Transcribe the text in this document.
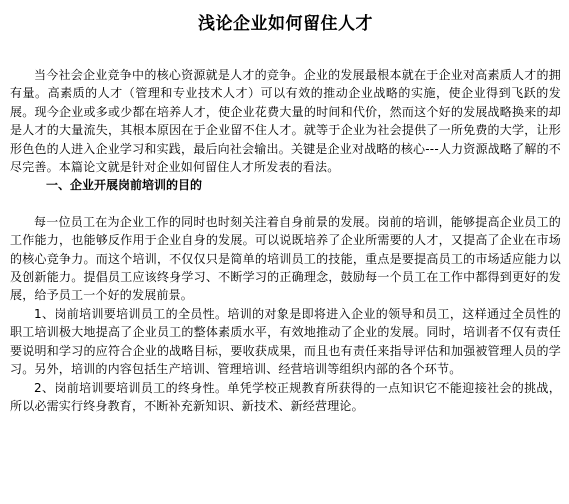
浅论企业如何留住人才

当今社会企业竞争中的核心资源就是人才的竞争。企业的发展最根本就在于企业对高素质人才的拥有量。高素质的人才（管理和专业技术人才）可以有效的推动企业战略的实施，使企业得到飞跃的发展。现今企业或多或少都在培养人才，使企业花费大量的时间和代价，然而这个好的发展战略换来的却是人才的大量流失，其根本原因在于企业留不住人才。就等于企业为社会提供了一所免费的大学，让形形色色的人进入企业学习和实践，最后向社会输出。关键是企业对战略的核心---人力资源战略了解的不尽完善。本篇论文就是针对企业如何留住人才所发表的看法。

一、企业开展岗前培训的目的

每一位员工在为企业工作的同时也时刻关注着自身前景的发展。岗前的培训，能够提高企业员工的工作能力，也能够反作用于企业自身的发展。可以说既培养了企业所需要的人才，又提高了企业在市场的核心竞争力。而这个培训，不仅仅只是简单的培训员工的技能，重点是要提高员工的市场适应能力以及创新能力。提倡员工应该终身学习、不断学习的正确理念，鼓励每一个员工在工作中都得到更好的发展，给予员工一个好的发展前景。

1、岗前培训要培训员工的全员性。培训的对象是即将进入企业的领导和员工，这样通过全员性的职工培训极大地提高了企业员工的整体素质水平，有效地推动了企业的发展。同时，培训者不仅有责任要说明和学习的应符合企业的战略目标，要收获成果，而且也有责任来指导评估和加强被管理人员的学习。另外，培训的内容包括生产培训、管理培训、经营培训等组织内部的各个环节。

2、岗前培训要培训员工的终身性。单凭学校正规教育所获得的一点知识它不能迎接社会的挑战，所以必需实行终身教育，不断补充新知识、新技术、新经营理论。
